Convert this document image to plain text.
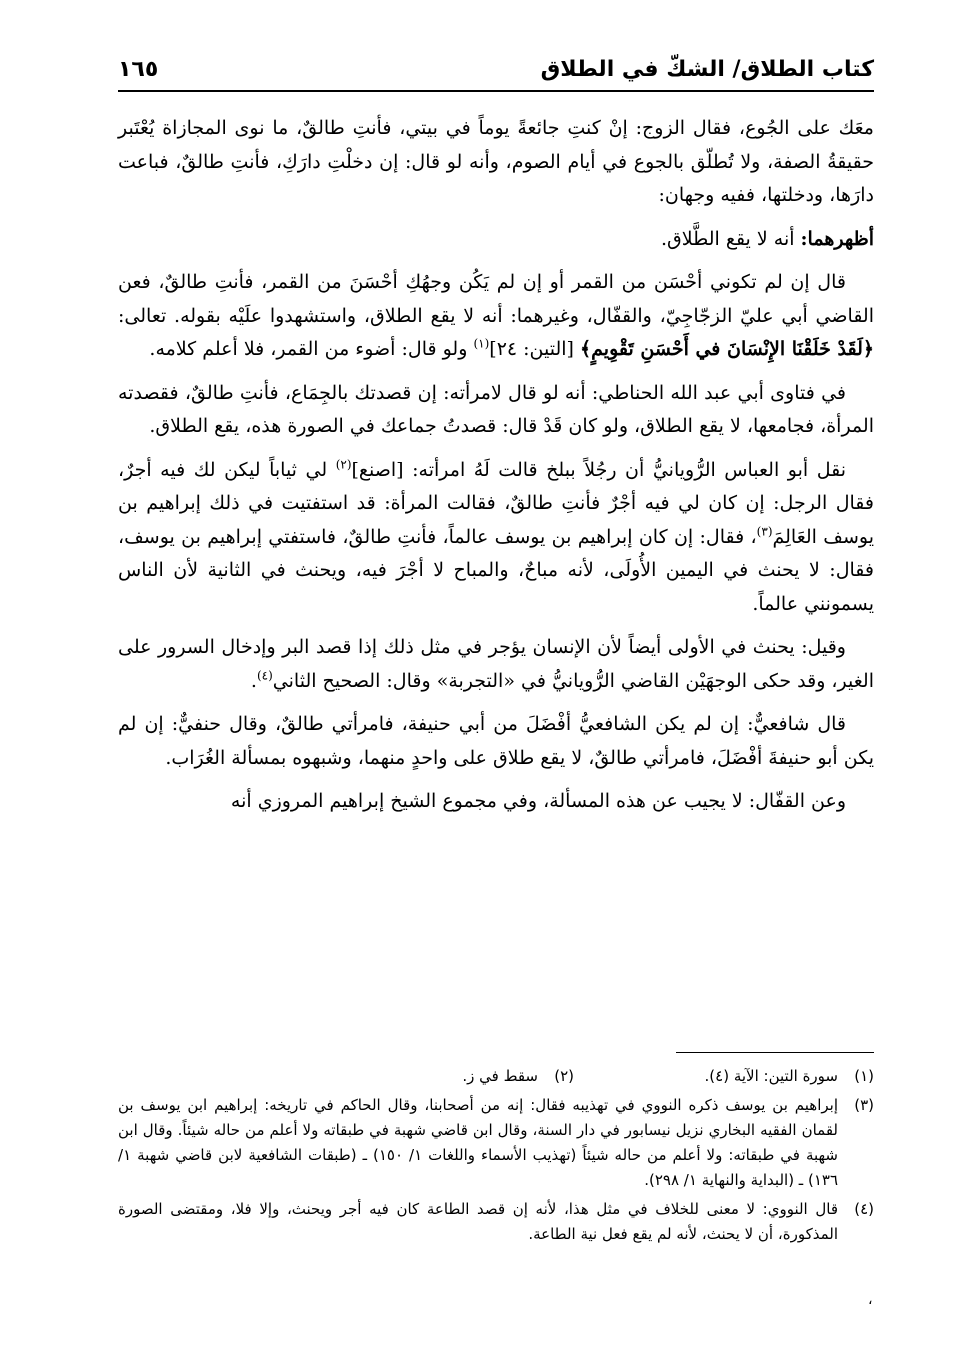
كتاب الطلاق/ الشكّ في الطلاق
١٦٥

معَك على الجُوع، فقال الزوج: إنْ كنتِ جائعةً يوماً في بيتي، فأنتِ طالقٌ، ما نوى المجازاة يُعْتَبر حقيقةُ الصفة، ولا تُطلّق بالجوع في أيام الصوم، وأنه لو قال: إن دخلْتِ دارَكِ، فأنتِ طالقٌ، فباعت دارَها، ودخلتها، ففيه وجهان:

أظهرهما: أنه لا يقع الطَّلاق.

قال إن لم تكوني أحْسَن من القمر أو إن لم يَكُن وجهُكِ أحْسَنَ من القمر، فأنتِ طالقٌ، فعن القاضي أبي عليّ الزجّاجِيّ، والقفّال، وغيرهما: أنه لا يقع الطلاق، واستشهدوا علَيْه بقوله. تعالى: ﴿لَقَدْ خَلَقْنَا الإِنْسَانَ في أَحْسَنِ تَقْوِيمٍ﴾ [التين: ٢٤]$^{(١)}$ ولو قال: أضوء من القمر، فلا أعلم كلامه.

في فتاوى أبي عبد الله الحناطي: أنه لو قال لامرأته: إن قصدتك بالجِمَاع، فأنتِ طالقٌ، فقصدته المرأة، فجامعها، لا يقع الطلاق، ولو كان قَدْ قال: قصدتُ جماعك في الصورة هذه، يقع الطلاق.

نقل أبو العباس الرُّويانيُّ أن رجُلاً ببلخ قالت لَهُ امرأته: [اصنع]$^{(٢)}$ لي ثياباً ليكن لك فيه أجرٌ، فقال الرجل: إن كان لي فيه أجْرٌ فأنتِ طالقٌ، فقالت المرأة: قد استفتيت في ذلك إبراهيم بن يوسف العَالِمَ$^{(٣)}$، فقال: إن كان إبراهيم بن يوسف عالماً، فأنتِ طالقٌ، فاستفتي إبراهيم بن يوسف، فقال: لا يحنث في اليمين الأُولَى، لأنه مباحٌ، والمباح لا أجْرَ فيه، ويحنث في الثانية لأن الناس يسمونني عالماً.

وقيل: يحنث في الأولى أيضاً لأن الإنسان يؤجر في مثل ذلك إذا قصد البر وإدخال السرور على الغير، وقد حكى الوجهَيْن القاضي الرُّويانيُّ في «التجربة» وقال: الصحيح الثاني$^{(٤)}$.

قال شافعيٌّ: إن لم يكن الشافعيُّ أفْضَلَ من أبي حنيفة، فامرأتي طالقٌ، وقال حنفيٌّ: إن لم يكن أبو حنيفةَ أفْضَلَ، فامرأتي طالقٌ، لا يقع طلاق على واحدٍ منهما، وشبهوه بمسألة الغُرَاب.

وعن القفّال: لا يجيب عن هذه المسألة، وفي مجموع الشيخ إبراهيم المروزي أنه

(١)
سورة التين: الآية (٤).
(٢)
سقط في ز.
(٣)
إبراهيم بن يوسف ذكره النووي في تهذيبه فقال: إنه من أصحابنا، وقال الحاكم في تاريخه: إبراهيم ابن يوسف بن لقمان الفقيه البخاري نزيل نيسابور في دار السنة، وقال ابن قاضي شهبة في طبقاته ولا أعلم من حاله شيئاً. وقال ابن شهبة في طبقاته: ولا أعلم من حاله شيئاً (تهذيب الأسماء واللغات ١/ ١٥٠) ـ (طبقات الشافعية لابن قاضي شهبة ١/ ١٣٦) ـ (البداية والنهاية ١/ ٢٩٨).
(٤)
قال النووي: لا معنى للخلاف في مثل هذا، لأنه إن قصد الطاعة كان فيه أجر ويحنث، وإلا فلا، ومقتضى الصورة المذكورة، أن لا يحنث، لأنه لم يقع فعل نية الطاعة.
،
